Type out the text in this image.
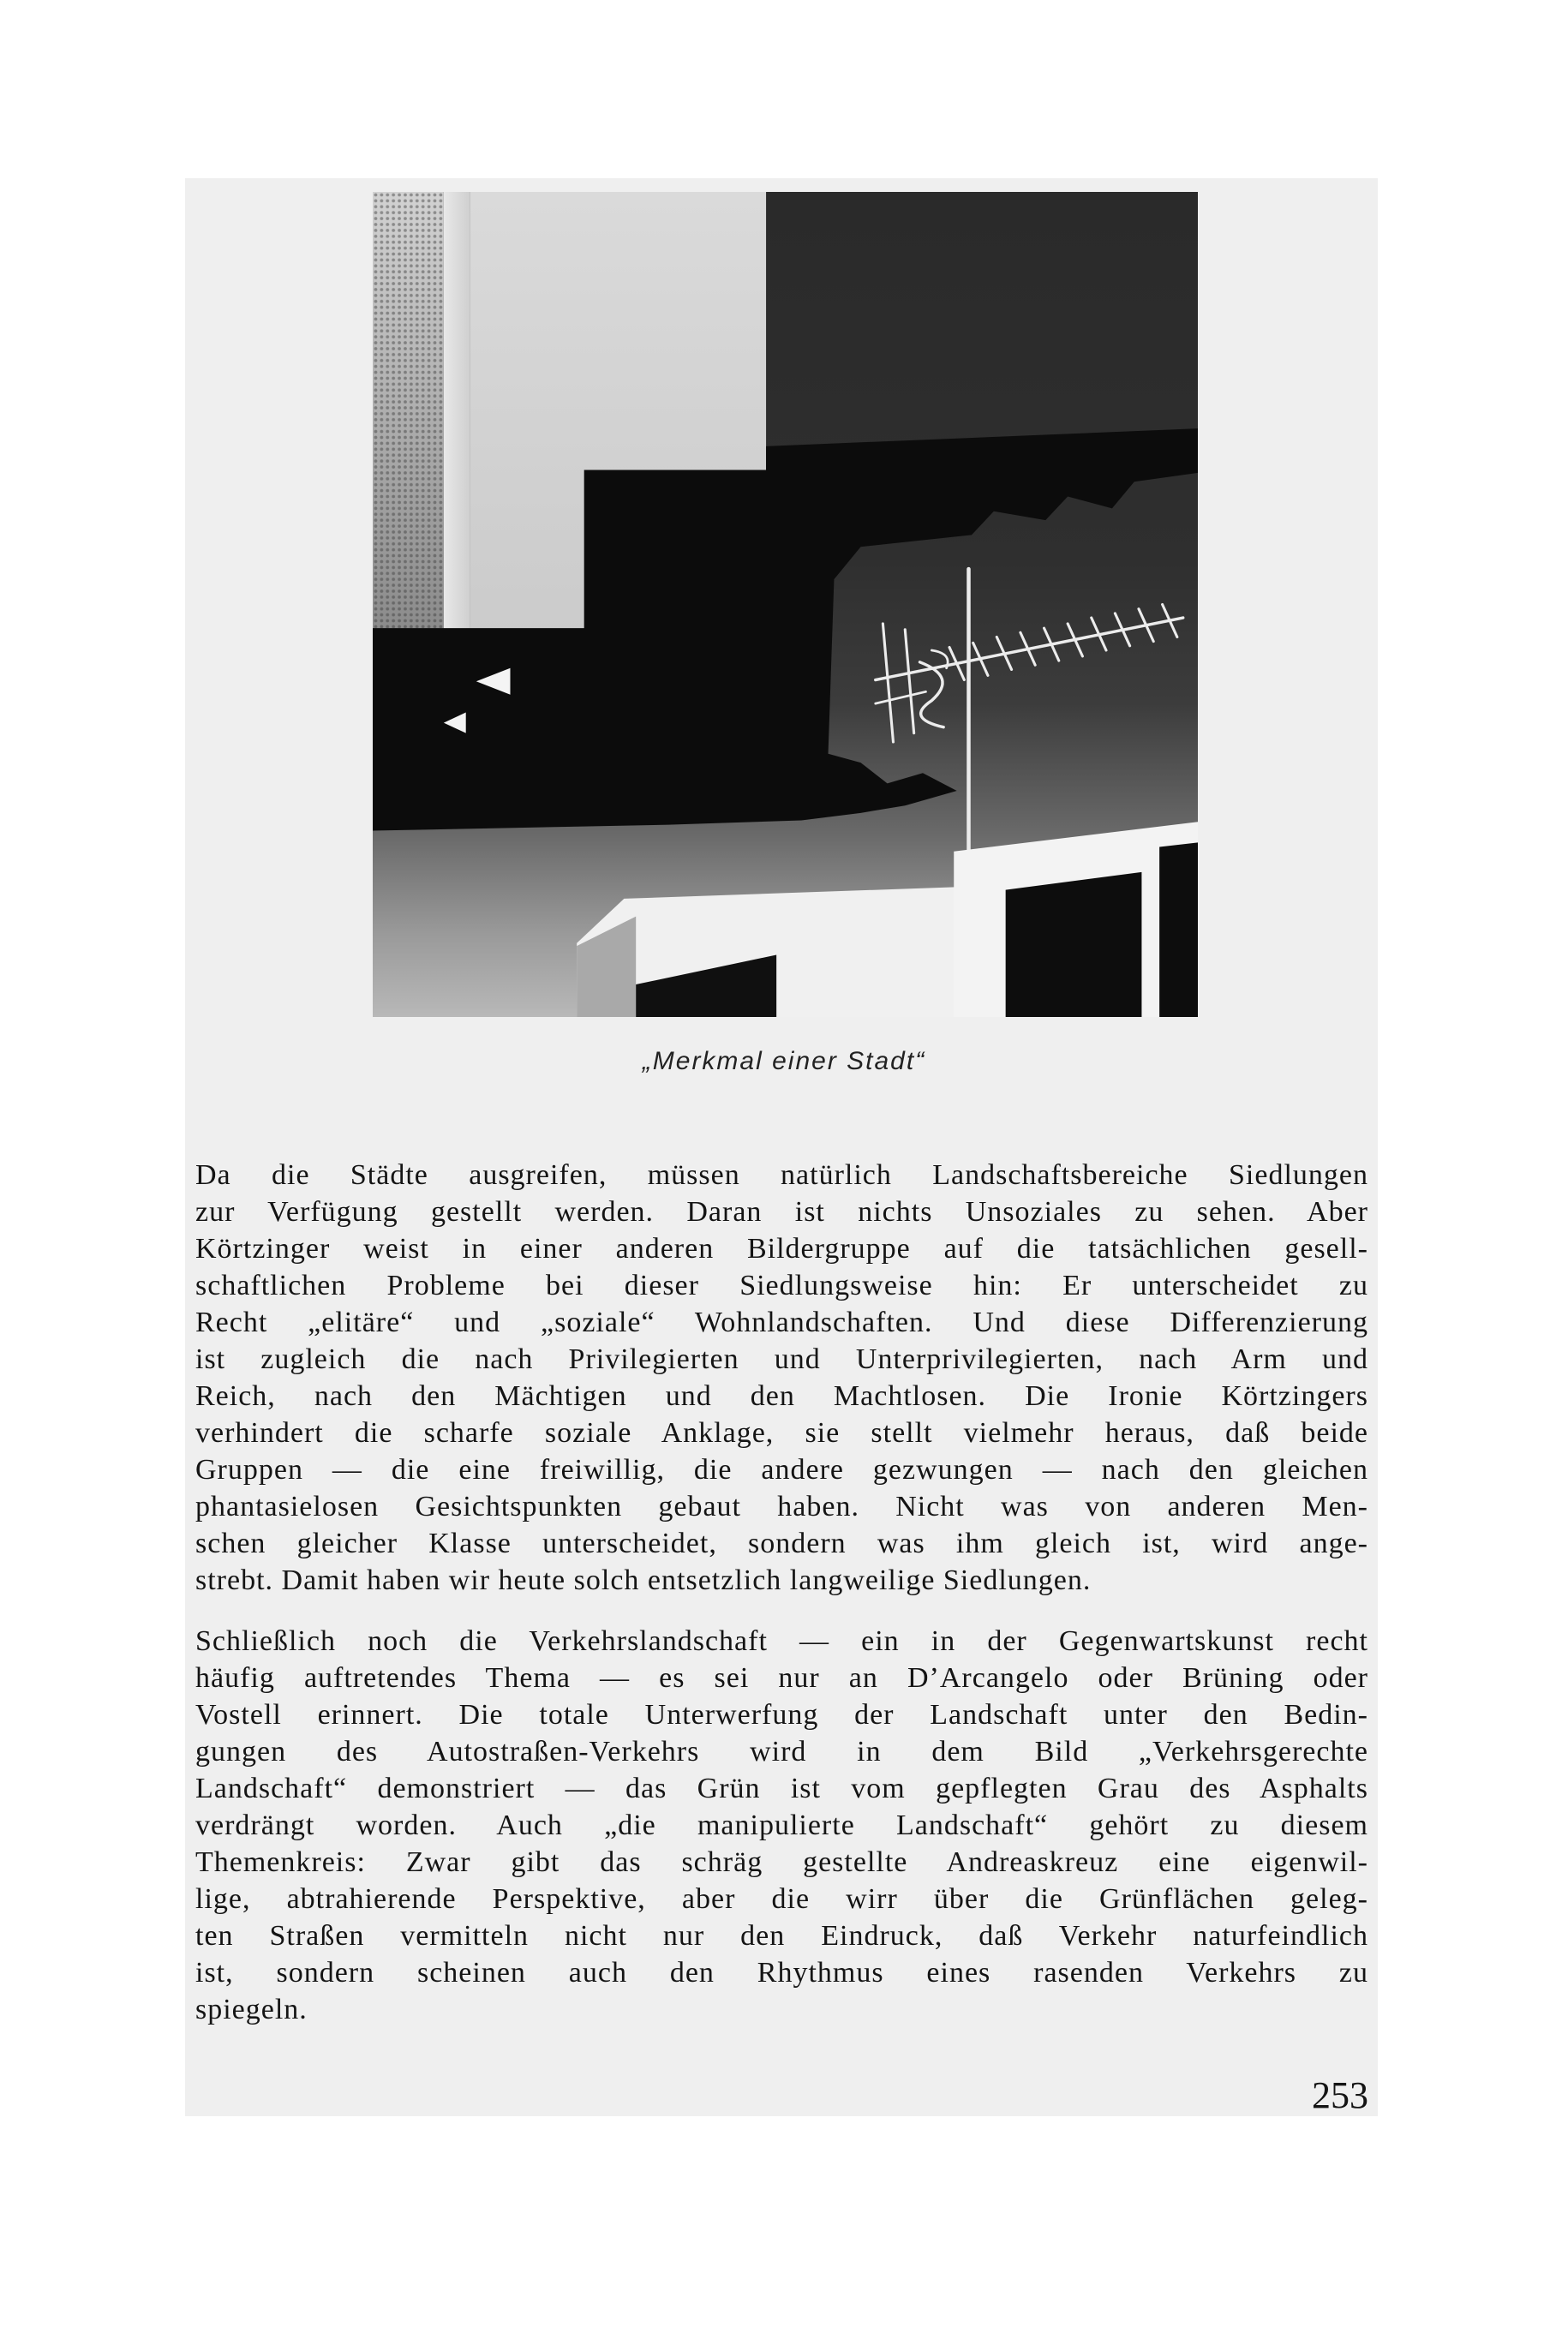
„Merkmal einer Stadt“
Da die Städte ausgreifen, müssen natürlich Landschaftsbereiche Siedlungen
zur Verfügung gestellt werden. Daran ist nichts Unsoziales zu sehen. Aber
Körtzinger weist in einer anderen Bildergruppe auf die tatsächlichen gesell-
schaftlichen Probleme bei dieser Siedlungsweise hin: Er unterscheidet zu
Recht „elitäre“ und „soziale“ Wohnlandschaften. Und diese Differenzierung
ist zugleich die nach Privilegierten und Unterprivilegierten, nach Arm und
Reich, nach den Mächtigen und den Machtlosen. Die Ironie Körtzingers
verhindert die scharfe soziale Anklage, sie stellt vielmehr heraus, daß beide
Gruppen — die eine freiwillig, die andere gezwungen — nach den gleichen
phantasielosen Gesichtspunkten gebaut haben. Nicht was von anderen Men-
schen gleicher Klasse unterscheidet, sondern was ihm gleich ist, wird ange-
strebt. Damit haben wir heute solch entsetzlich langweilige Siedlungen.
Schließlich noch die Verkehrslandschaft — ein in der Gegenwartskunst recht
häufig auftretendes Thema — es sei nur an D’Arcangelo oder Brüning oder
Vostell erinnert. Die totale Unterwerfung der Landschaft unter den Bedin-
gungen des Autostraßen-Verkehrs wird in dem Bild „Verkehrsgerechte
Landschaft“ demonstriert — das Grün ist vom gepflegten Grau des Asphalts
verdrängt worden. Auch „die manipulierte Landschaft“ gehört zu diesem
Themenkreis: Zwar gibt das schräg gestellte Andreaskreuz eine eigenwil-
lige, abtrahierende Perspektive, aber die wirr über die Grünflächen geleg-
ten Straßen vermitteln nicht nur den Eindruck, daß Verkehr naturfeindlich
ist, sondern scheinen auch den Rhythmus eines rasenden Verkehrs zu
spiegeln.
253
